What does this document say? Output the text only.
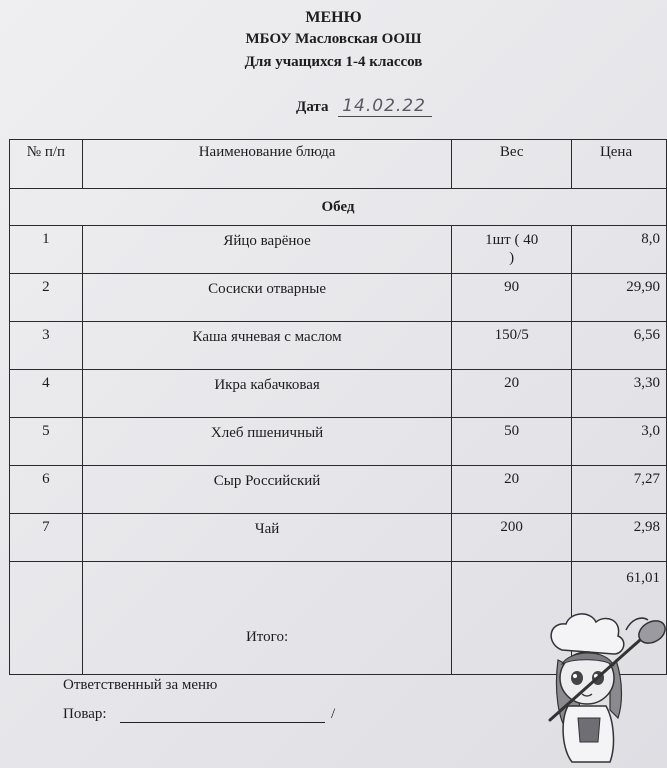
МЕНЮ
МБОУ Масловская ООШ
Для учащихся 1-4 классов
Дата 14.02.22
№ п/п	Наименование блюда	Вес	Цена
Обед			
1	Яйцо варёное	1шт ( 40 )	8,0
2	Сосиски отварные	90	29,90
3	Каша ячневая с маслом	150/5	6,56
4	Икра кабачковая	20	3,30
5	Хлеб пшеничный	50	3,0
6	Сыр Российский	20	7,27
7	Чай	200	2,98
	Итого:		61,01
Ответственный за меню
Повар:	/
